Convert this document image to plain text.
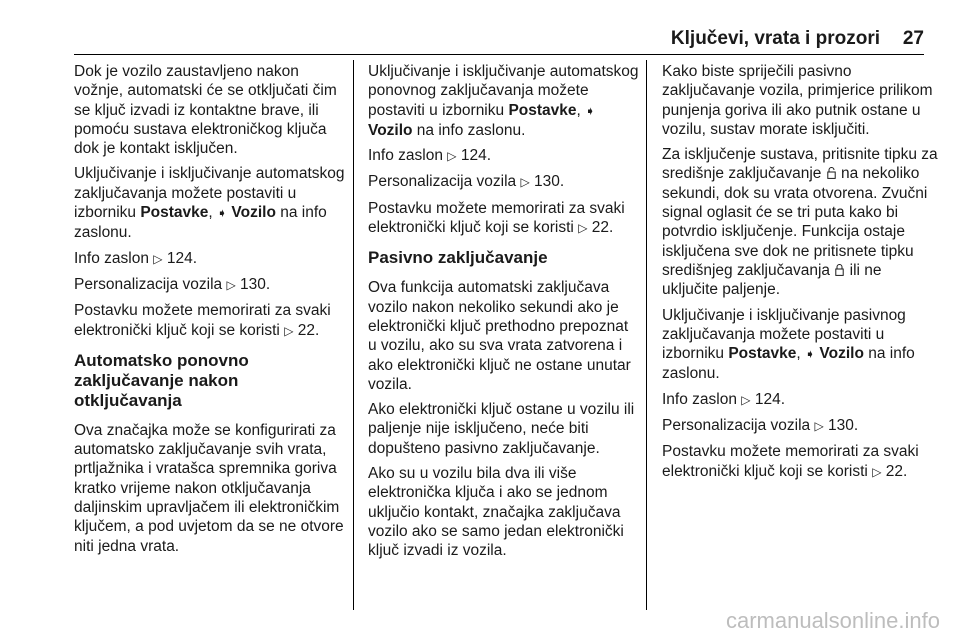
Ključevi, vrata i prozori 27

Dok je vozilo zaustavljeno nakon vožnje, automatski će se otključati čim se ključ izvadi iz kontaktne brave, ili pomoću sustava elektroničkog ključa dok je kontakt isključen.

Uključivanje i isključivanje automatskog zaključavanja možete postaviti u izborniku Postavke, ➧ Vozilo na info zaslonu.

Info zaslon ▷ 124.

Personalizacija vozila ▷ 130.

Postavku možete memorirati za svaki elektronički ključ koji se koristi ▷ 22.

Automatsko ponovno zaključavanje nakon otključavanja

Ova značajka može se konfigurirati za automatsko zaključavanje svih vrata, prtljažnika i vratašca spremnika goriva kratko vrijeme nakon otključavanja daljinskim upravljačem ili elektroničkim ključem, a pod uvjetom da se ne otvore niti jedna vrata.

Uključivanje i isključivanje automatskog ponovnog zaključavanja možete postaviti u izborniku Postavke, ➧ Vozilo na info zaslonu.

Info zaslon ▷ 124.

Personalizacija vozila ▷ 130.

Postavku možete memorirati za svaki elektronički ključ koji se koristi ▷ 22.

Pasivno zaključavanje

Ova funkcija automatski zaključava vozilo nakon nekoliko sekundi ako je elektronički ključ prethodno prepoznat u vozilu, ako su sva vrata zatvorena i ako elektronički ključ ne ostane unutar vozila.

Ako elektronički ključ ostane u vozilu ili paljenje nije isključeno, neće biti dopušteno pasivno zaključavanje.

Ako su u vozilu bila dva ili više elektronička ključa i ako se jednom uključio kontakt, značajka zaključava vozilo ako se samo jedan elektronički ključ izvadi iz vozila.

Kako biste spriječili pasivno zaključavanje vozila, primjerice prilikom punjenja goriva ili ako putnik ostane u vozilu, sustav morate isključiti.

Za isključenje sustava, pritisnite tipku za središnje zaključavanje  na nekoliko sekundi, dok su vrata otvorena. Zvučni signal oglasit će se tri puta kako bi potvrdio isključenje. Funkcija ostaje isključena sve dok ne pritisnete tipku središnjeg zaključavanja  ili ne uključite paljenje.

Uključivanje i isključivanje pasivnog zaključavanja možete postaviti u izborniku Postavke, ➧ Vozilo na info zaslonu.

Info zaslon ▷ 124.

Personalizacija vozila ▷ 130.

Postavku možete memorirati za svaki elektronički ključ koji se koristi ▷ 22.

carmanualsonline.info
